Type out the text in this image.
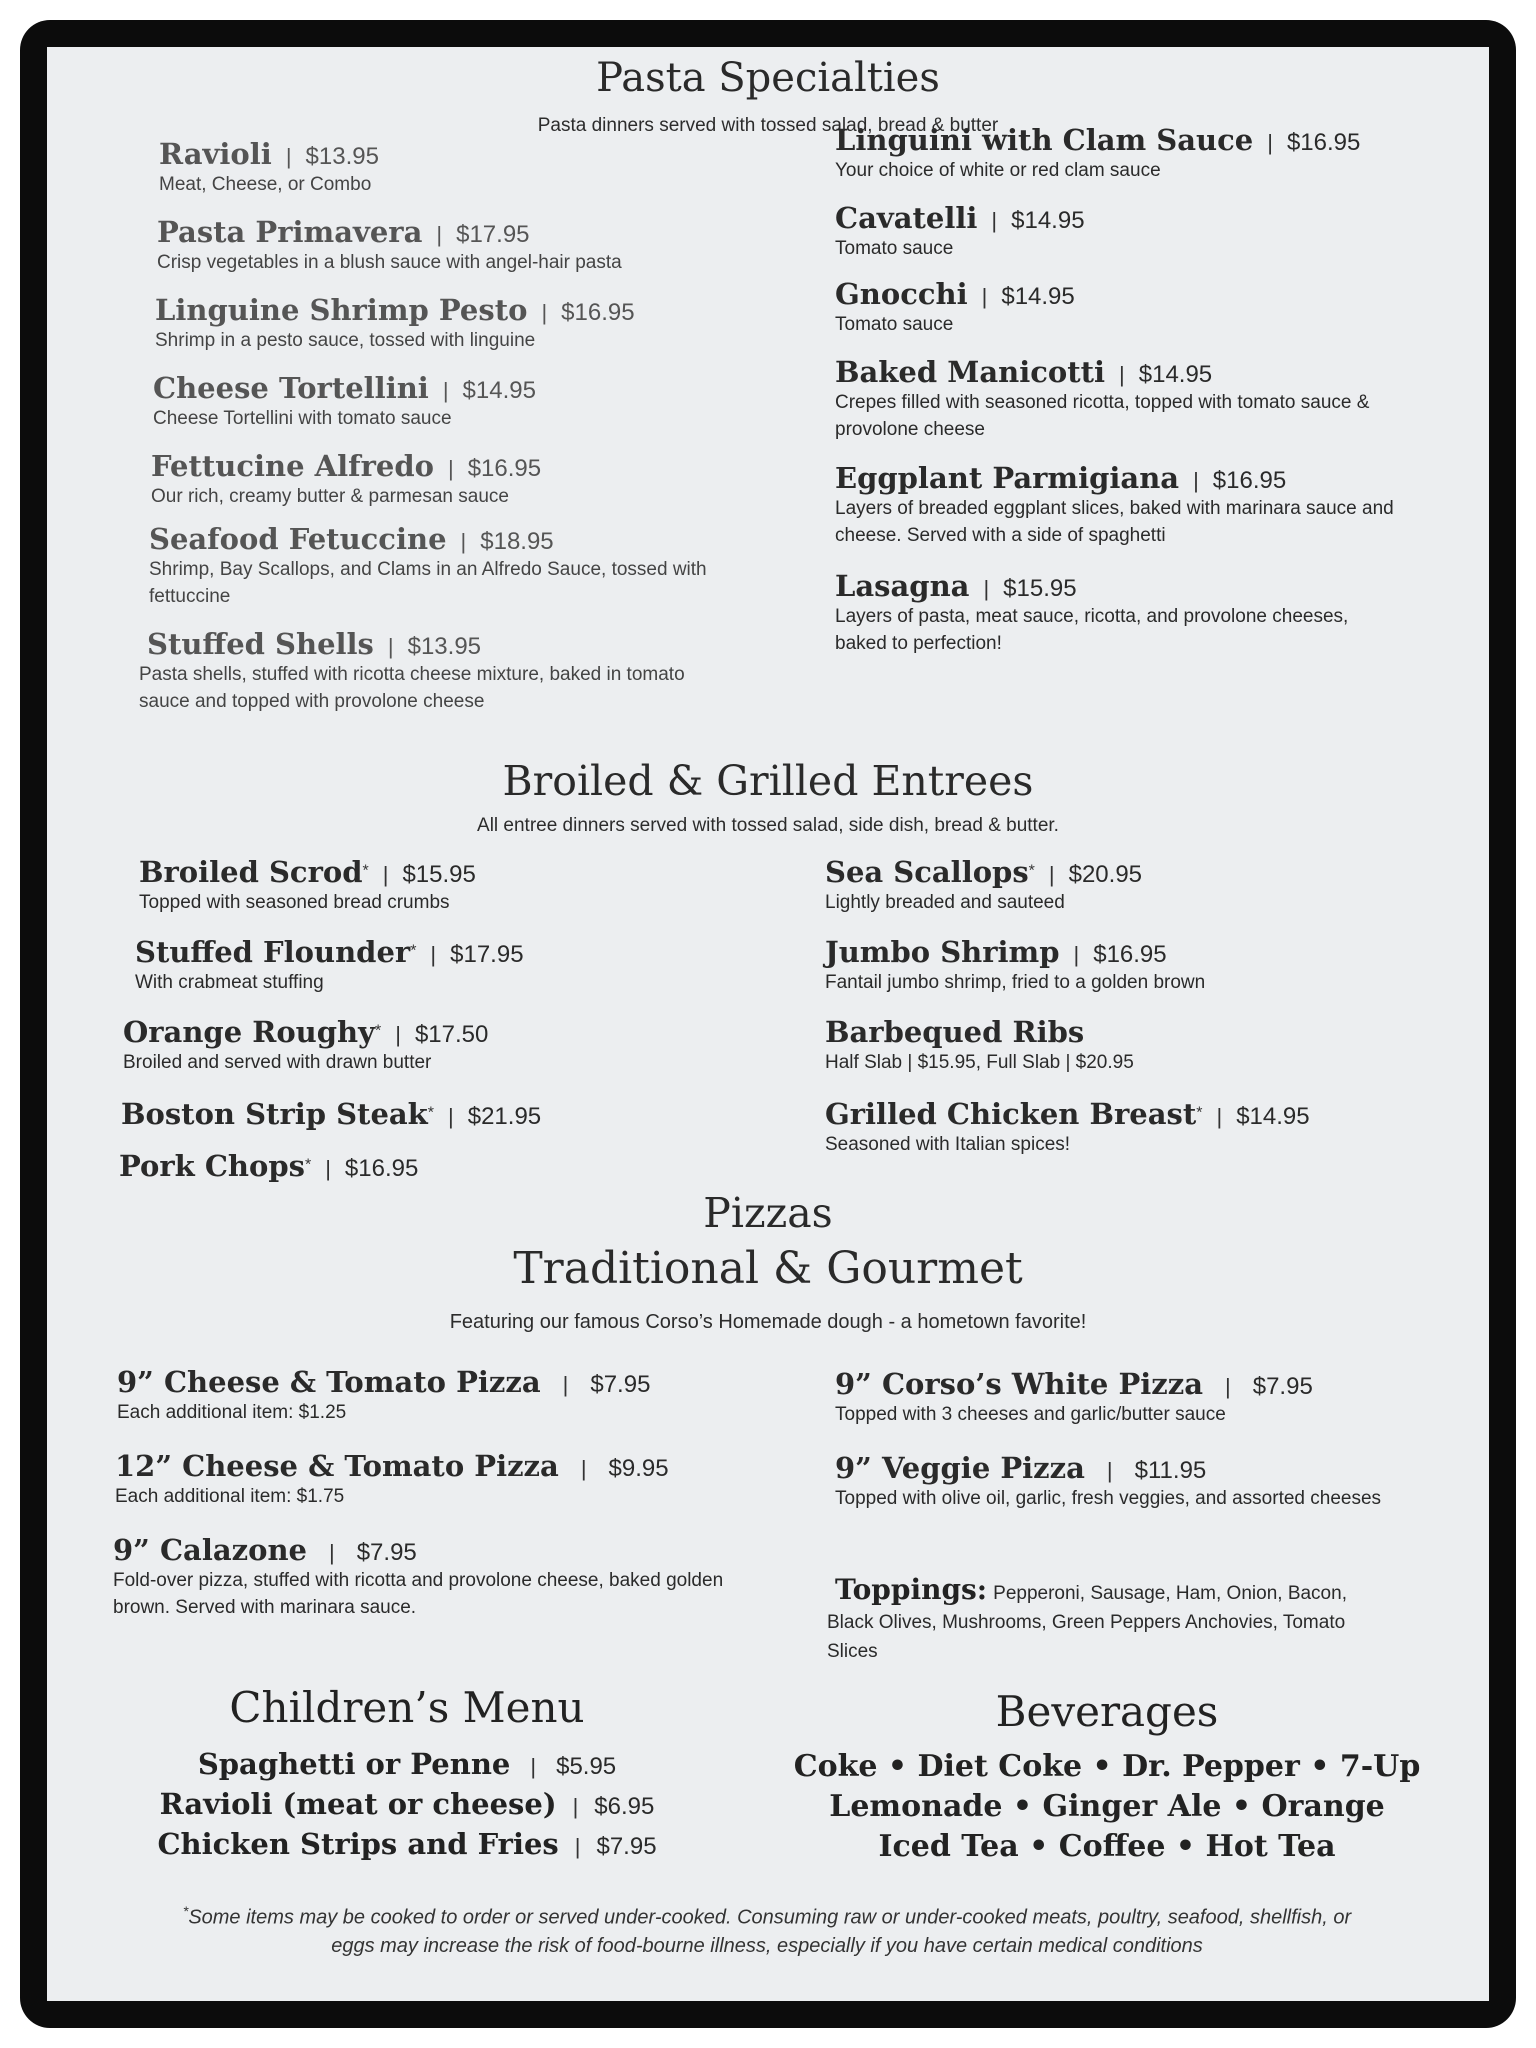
Pasta Specialties
Pasta dinners served with tossed salad, bread & butter
Ravioli | $13.95
Meat, Cheese, or Combo
Pasta Primavera | $17.95
Crisp vegetables in a blush sauce with angel-hair pasta
Linguine Shrimp Pesto | $16.95
Shrimp in a pesto sauce, tossed with linguine
Cheese Tortellini | $14.95
Cheese Tortellini with tomato sauce
Fettucine Alfredo | $16.95
Our rich, creamy butter & parmesan sauce
Seafood Fetuccine | $18.95
Shrimp, Bay Scallops, and Clams in an Alfredo Sauce, tossed with fettuccine
Stuffed Shells | $13.95
Pasta shells, stuffed with ricotta cheese mixture, baked in tomato sauce and topped with provolone cheese
Linguini with Clam Sauce | $16.95
Your choice of white or red clam sauce
Cavatelli | $14.95
Tomato sauce
Gnocchi | $14.95
Tomato sauce
Baked Manicotti | $14.95
Crepes filled with seasoned ricotta, topped with tomato sauce & provolone cheese
Eggplant Parmigiana | $16.95
Layers of breaded eggplant slices, baked with marinara sauce and cheese. Served with a side of spaghetti
Lasagna | $15.95
Layers of pasta, meat sauce, ricotta, and provolone cheeses, baked to perfection!
Broiled & Grilled Entrees
All entree dinners served with tossed salad, side dish, bread & butter.
Broiled Scrod* | $15.95
Topped with seasoned bread crumbs
Stuffed Flounder* | $17.95
With crabmeat stuffing
Orange Roughy* | $17.50
Broiled and served with drawn butter
Boston Strip Steak* | $21.95
Pork Chops* | $16.95
Sea Scallops* | $20.95
Lightly breaded and sauteed
Jumbo Shrimp | $16.95
Fantail jumbo shrimp, fried to a golden brown
Barbequed Ribs
Half Slab | $15.95, Full Slab | $20.95
Grilled Chicken Breast* | $14.95
Seasoned with Italian spices!
Pizzas
Traditional & Gourmet
Featuring our famous Corso’s Homemade dough - a hometown favorite!
9” Cheese & Tomato Pizza | $7.95
Each additional item: $1.25
12” Cheese & Tomato Pizza | $9.95
Each additional item: $1.75
9” Calazone | $7.95
Fold-over pizza, stuffed with ricotta and provolone cheese, baked golden brown. Served with marinara sauce.
9” Corso’s White Pizza | $7.95
Topped with 3 cheeses and garlic/butter sauce
9” Veggie Pizza | $11.95
Topped with olive oil, garlic, fresh veggies, and assorted cheeses
Toppings: Pepperoni, Sausage, Ham, Onion, Bacon, Black Olives, Mushrooms, Green Peppers Anchovies, Tomato Slices
Children’s Menu
Spaghetti or Penne | $5.95
Ravioli (meat or cheese) | $6.95
Chicken Strips and Fries | $7.95
Beverages
Coke • Diet Coke • Dr. Pepper • 7-Up
Lemonade • Ginger Ale • Orange
Iced Tea • Coffee • Hot Tea
*Some items may be cooked to order or served under-cooked. Consuming raw or under-cooked meats, poultry, seafood, shellfish, or
eggs may increase the risk of food-bourne illness, especially if you have certain medical conditions
